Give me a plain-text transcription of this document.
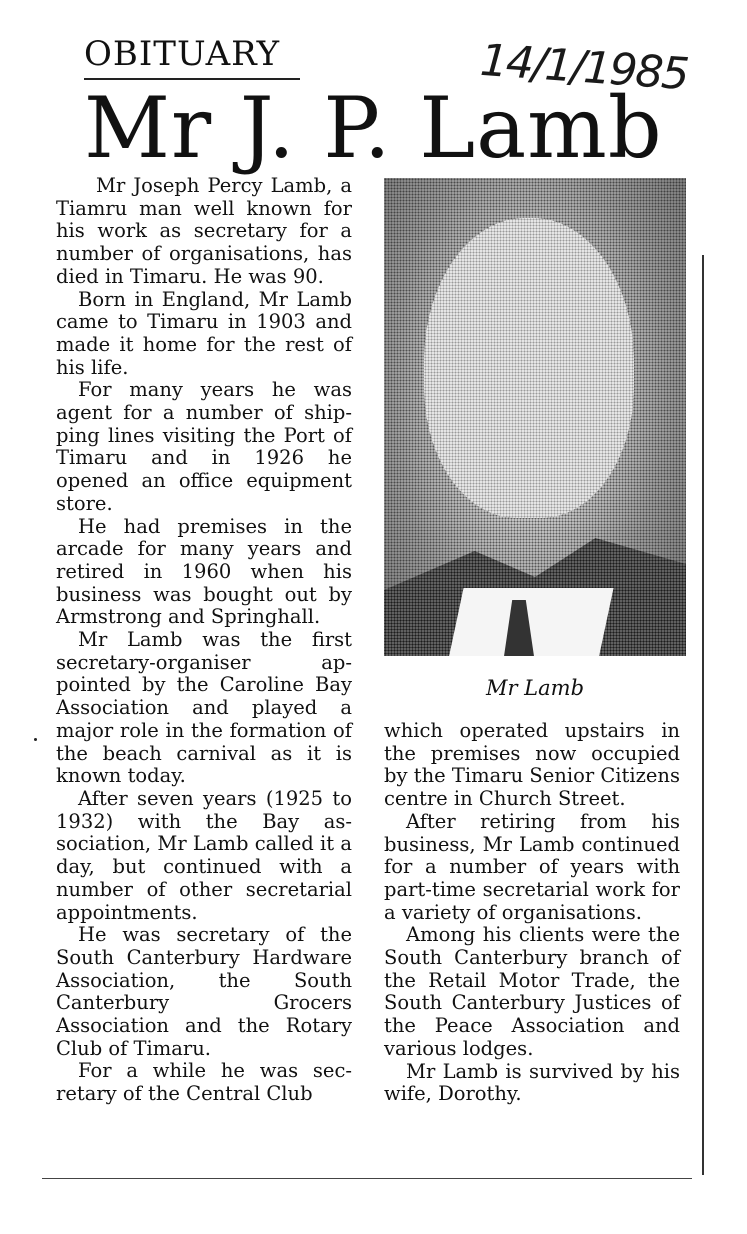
OBITUARY	14/1/1985
Mr J. P. Lamb

Mr Joseph Percy Lamb, a Tiamru man well known for his work as secretary for a number of organisations, has died in Timaru. He was 90.

Born in England, Mr Lamb came to Timaru in 1903 and made it home for the rest of his life.

For many years he was agent for a number of shipping lines visiting the Port of Timaru and in 1926 he opened an office equipment store.

He had premises in the arcade for many years and retired in 1960 when his business was bought out by Armstrong and Springhall.

Mr Lamb was the first secretary-organiser appointed by the Caroline Bay Association and played a major role in the formation of the beach carnival as it is known today.

After seven years (1925 to 1932) with the Bay association, Mr Lamb called it a day, but continued with a number of other secretarial appointments.

He was secretary of the South Canterbury Hardware Association, the South Canterbury Grocers Association and the Rotary Club of Timaru.

For a while he was secretary of the Central Club

Mr Lamb

which operated upstairs in the premises now occupied by the Timaru Senior Citizens centre in Church Street.

After retiring from his business, Mr Lamb continued for a number of years with part-time secretarial work for a variety of organisations.

Among his clients were the South Canterbury branch of the Retail Motor Trade, the South Canterbury Justices of the Peace Association and various lodges.

Mr Lamb is survived by his wife, Dorothy.
